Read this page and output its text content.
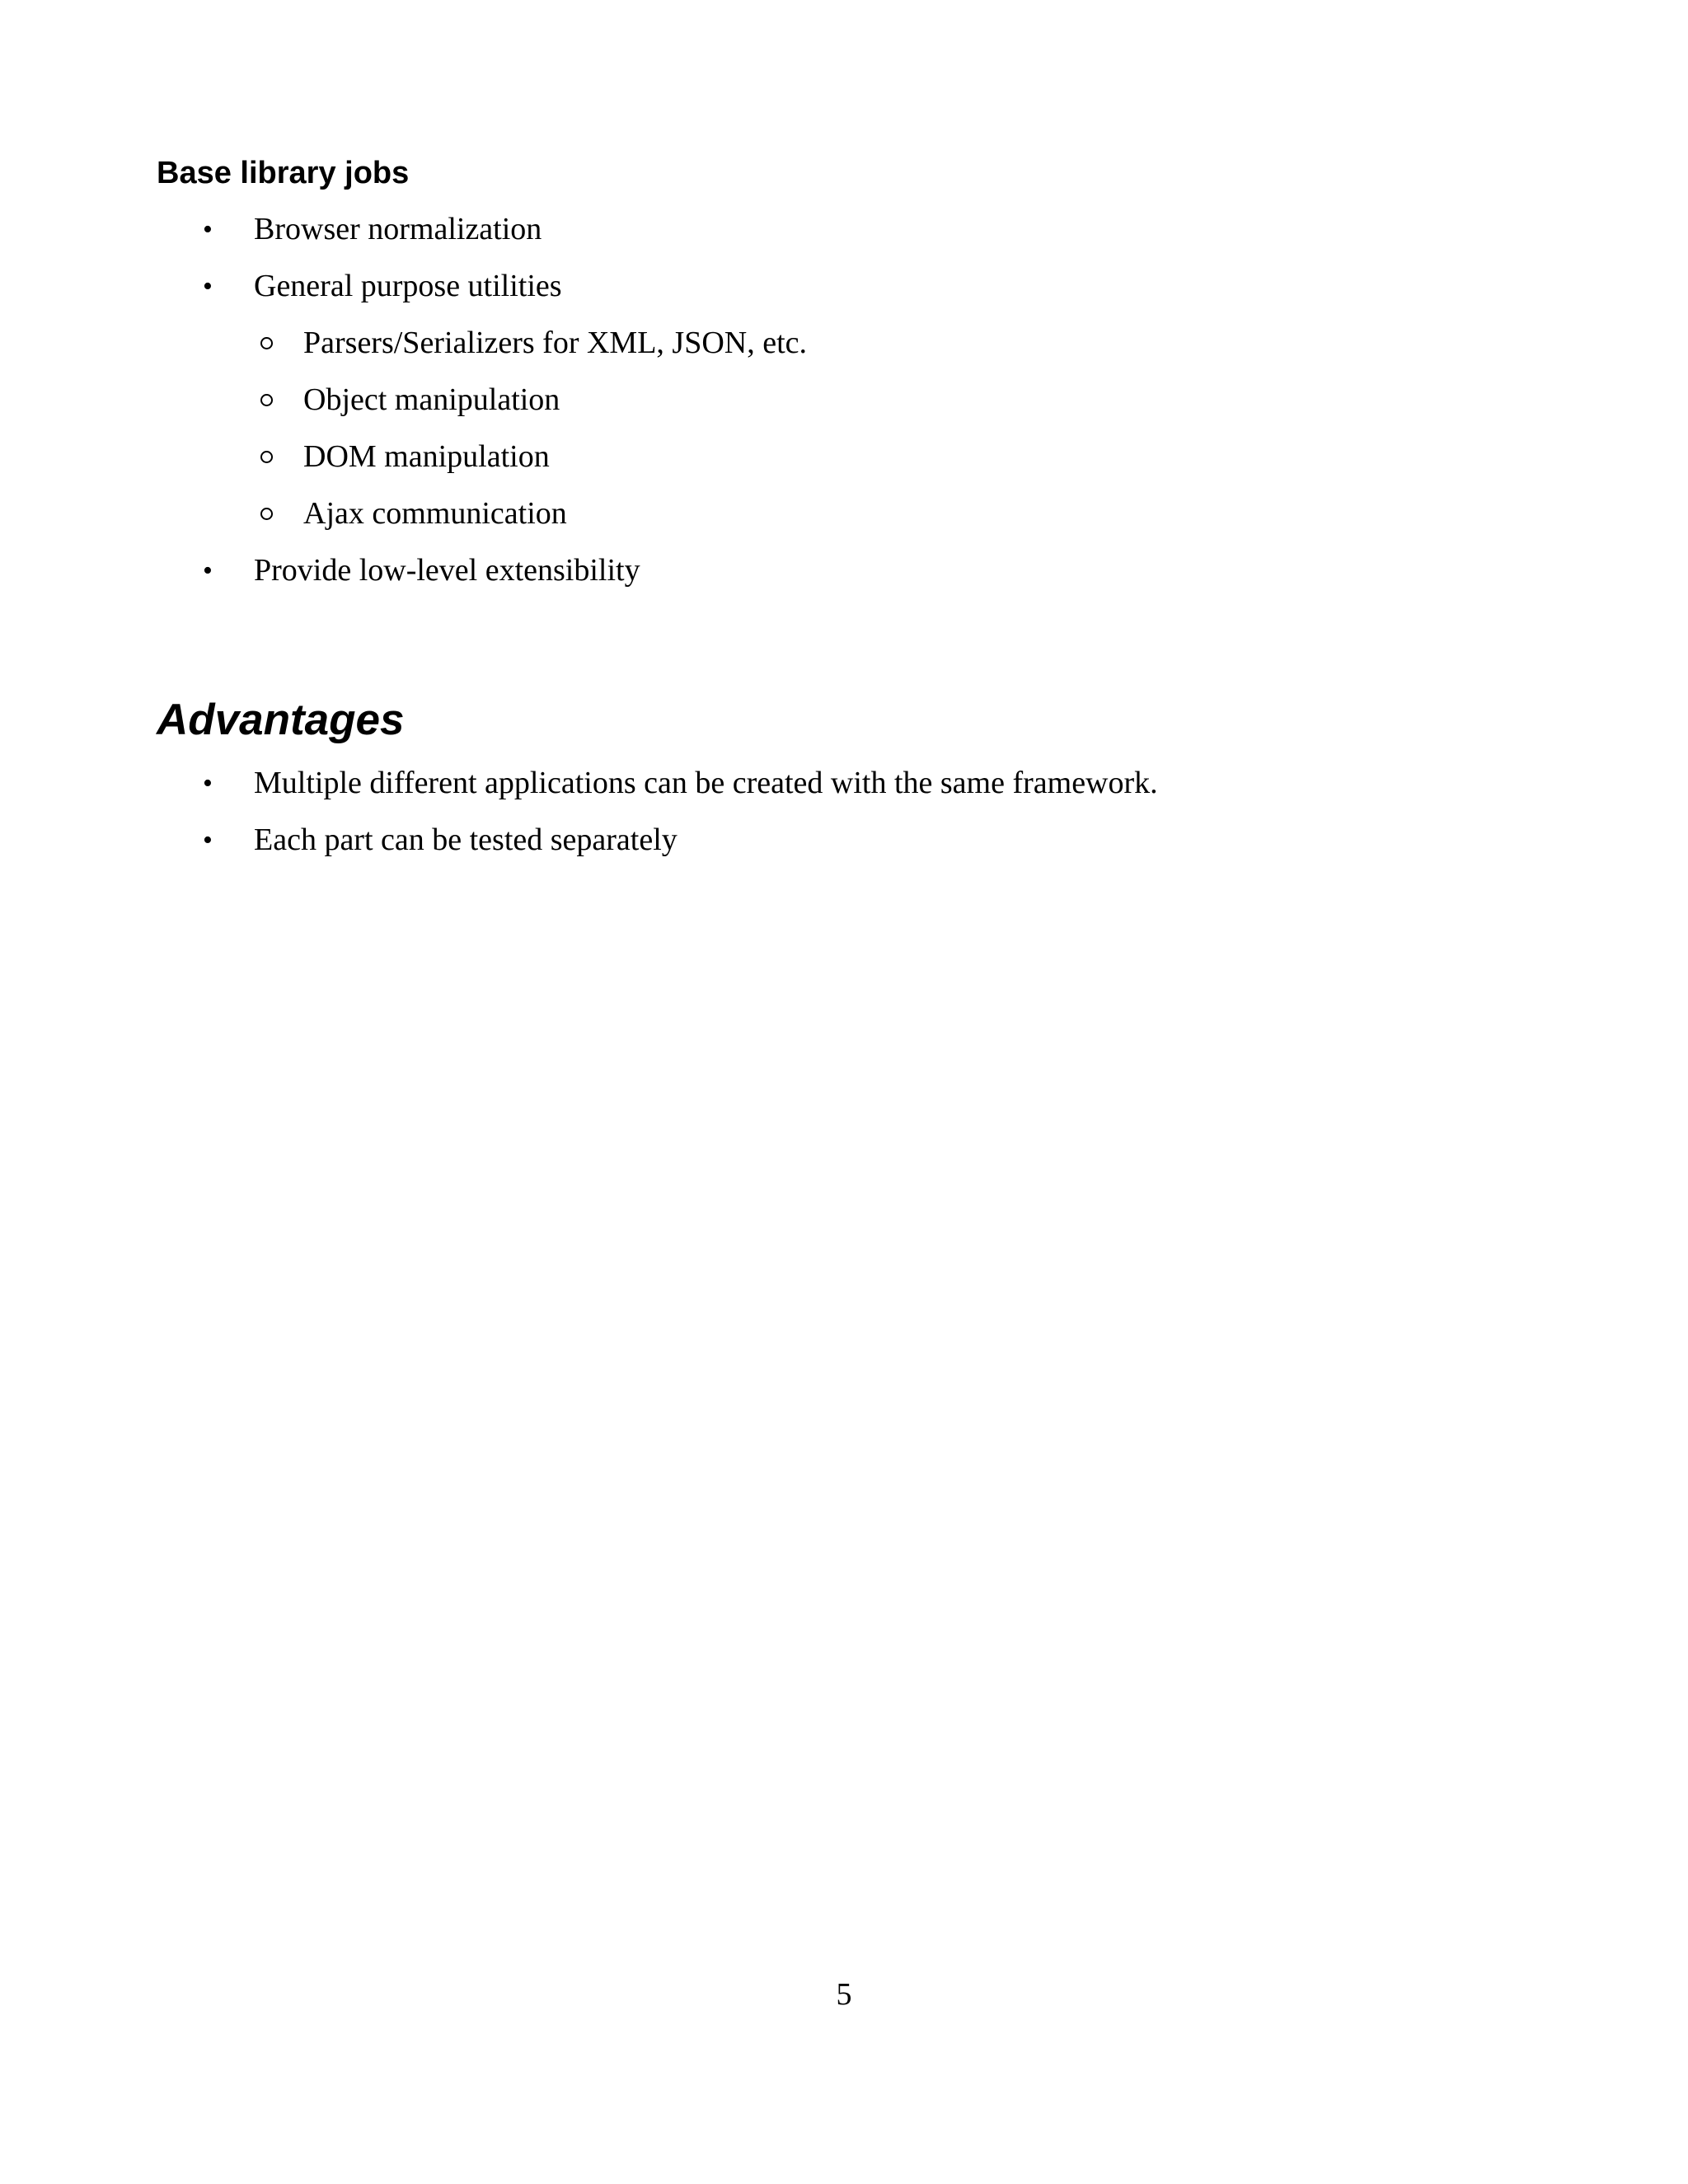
Base library jobs
• Browser normalization
• General purpose utilities
Parsers/Serializers for XML, JSON, etc.
Object manipulation
DOM manipulation
Ajax communication
• Provide low-level extensibility
Advantages
• Multiple different applications can be created with the same framework.
• Each part can be tested separately
5
